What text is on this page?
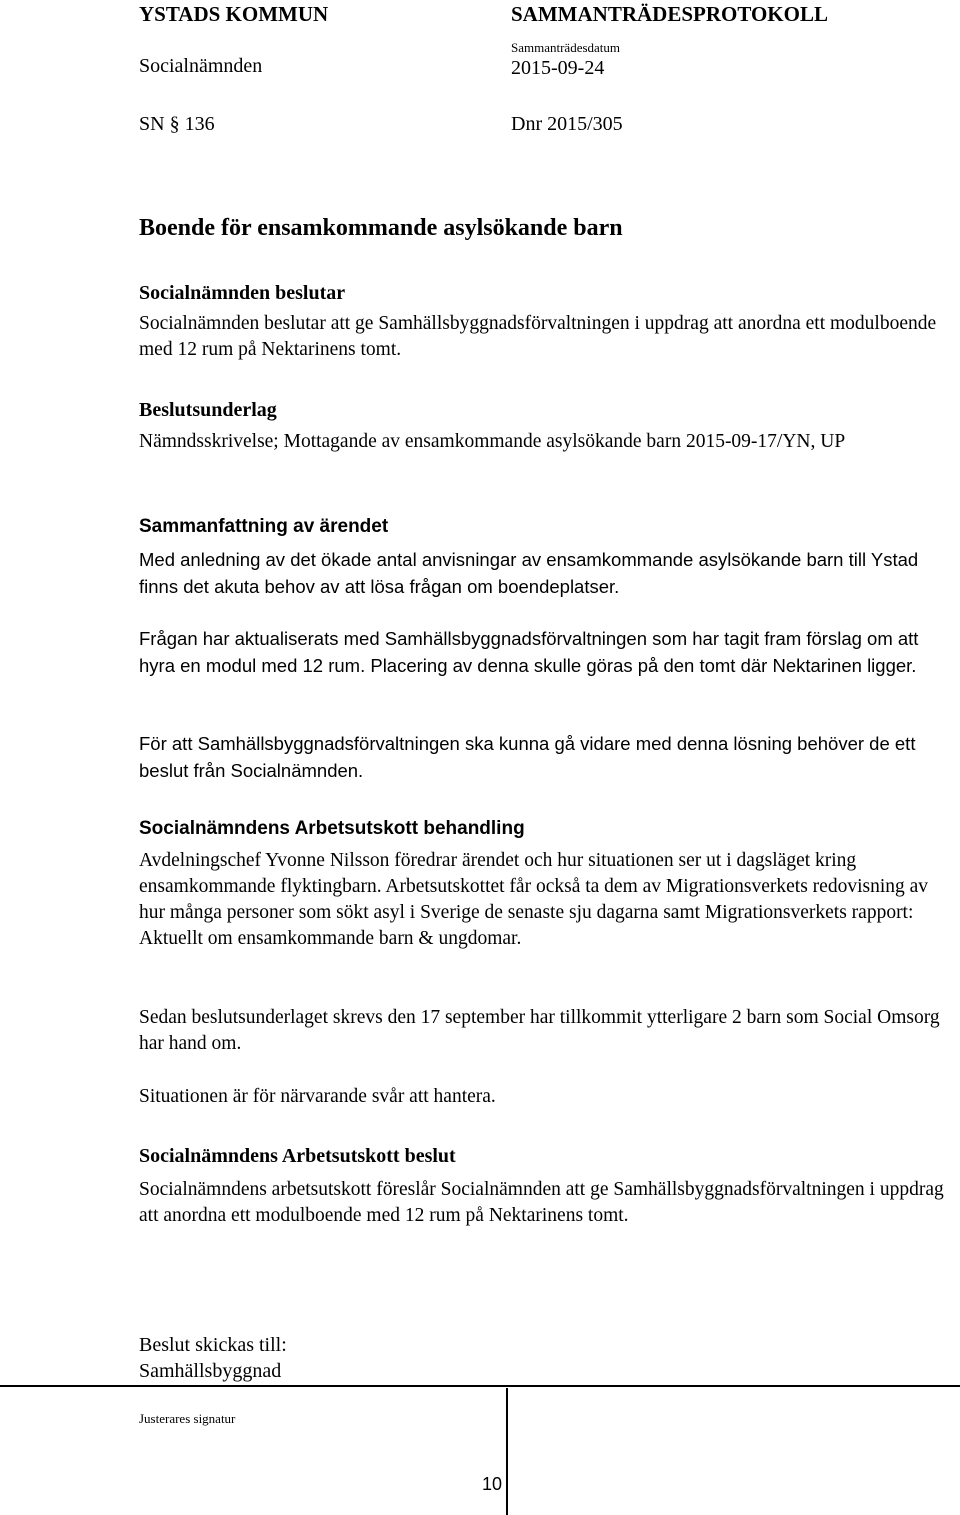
YSTADS KOMMUN	SAMMANTRÄDESPROTOKOLL
Socialnämnden
Sammanträdesdatum
2015-09-24
SN § 136	Dnr 2015/305
Boende för ensamkommande asylsökande barn
Socialnämnden beslutar

Socialnämnden beslutar att ge Samhällsbyggnadsförvaltningen i uppdrag att anordna ett modulboende med 12 rum på Nektarinens tomt.

Beslutsunderlag

Nämndsskrivelse; Mottagande av ensamkommande asylsökande barn 2015-09-17/YN, UP

Sammanfattning av ärendet

Med anledning av det ökade antal anvisningar av ensamkommande asylsökande barn till Ystad finns det akuta behov av att lösa frågan om boendeplatser.

Frågan har aktualiserats med Samhällsbyggnadsförvaltningen som har tagit fram förslag om att hyra en modul med 12 rum. Placering av denna skulle göras på den tomt där Nektarinen ligger.

För att Samhällsbyggnadsförvaltningen ska kunna gå vidare med denna lösning behöver de ett beslut från Socialnämnden.

Socialnämndens Arbetsutskott behandling

Avdelningschef Yvonne Nilsson föredrar ärendet och hur situationen ser ut i dagsläget kring ensamkommande flyktingbarn. Arbetsutskottet får också ta dem av Migrationsverkets redovisning av hur många personer som sökt asyl i Sverige de senaste sju dagarna samt Migrationsverkets rapport: Aktuellt om ensamkommande barn & ungdomar.

Sedan beslutsunderlaget skrevs den 17 september har tillkommit ytterligare 2 barn som Social Omsorg har hand om.

Situationen är för närvarande svår att hantera.

Socialnämndens Arbetsutskott beslut

Socialnämndens arbetsutskott föreslår Socialnämnden att ge Samhällsbyggnadsförvaltningen i uppdrag att anordna ett modulboende med 12 rum på Nektarinens tomt.

Beslut skickas till:
Samhällsbyggnad
Justerares signatur
10
